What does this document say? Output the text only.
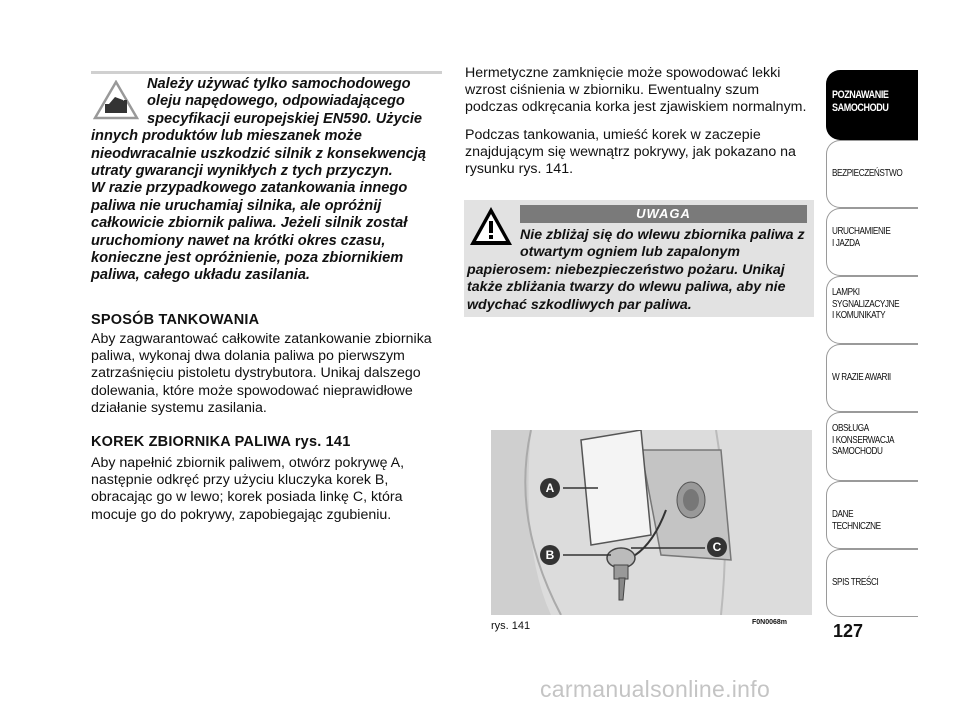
Należy używać tylko samochodowego oleju napędowego, odpowiadającego specyfikacji europejskiej EN590. Użycie innych produktów lub mieszanek może nieodwracalnie uszkodzić silnik z konsekwencją utraty gwarancji wynikłych z tych przyczyn.
W razie przypadkowego zatankowania innego paliwa nie uruchamiaj silnika, ale opróżnij całkowicie zbiornik paliwa. Jeżeli silnik został uruchomiony nawet na krótki okres czasu, konieczne jest opróżnienie, poza zbiornikiem paliwa, całego układu zasilania.
SPOSÓB TANKOWANIA
Aby zagwarantować całkowite zatankowanie zbiornika paliwa, wykonaj dwa dolania paliwa po pierwszym zatrzaśnięciu pistoletu dystrybutora. Unikaj dalszego dolewania, które może spowodować nieprawidłowe działanie systemu zasilania.
KOREK ZBIORNIKA PALIWA rys. 141
Aby napełnić zbiornik paliwem, otwórz pokrywę A, następnie odkręć przy użyciu kluczyka korek B, obracając go w lewo; korek posiada linkę C, która mocuje go do pokrywy, zapobiegając zgubieniu.
Hermetyczne zamknięcie może spowodować lekki wzrost ciśnienia w zbiorniku. Ewentualny szum podczas odkręcania korka jest zjawiskiem normalnym.
Podczas tankowania, umieść korek w zaczepie znajdującym się wewnątrz pokrywy, jak pokazano na rysunku rys. 141.
UWAGA
Nie zbliżaj się do wlewu zbiornika paliwa z otwartym ogniem lub zapalonym papierosem: niebezpieczeństwo pożaru. Unikaj także zbliżania twarzy do wlewu paliwa, aby nie wdychać szkodliwych par paliwa.
A
B
C
rys. 141	F0N0068m
POZNAWANIE
SAMOCHODU
BEZPIECZEŃSTWO
URUCHAMIENIE
I JAZDA
LAMPKI
SYGNALIZACYJNE
I KOMUNIKATY
W RAZIE AWARII
OBSŁUGA
I KONSERWACJA
SAMOCHODU
DANE TECHNICZNE
SPIS TREŚCI
127
carmanualsonline.info
